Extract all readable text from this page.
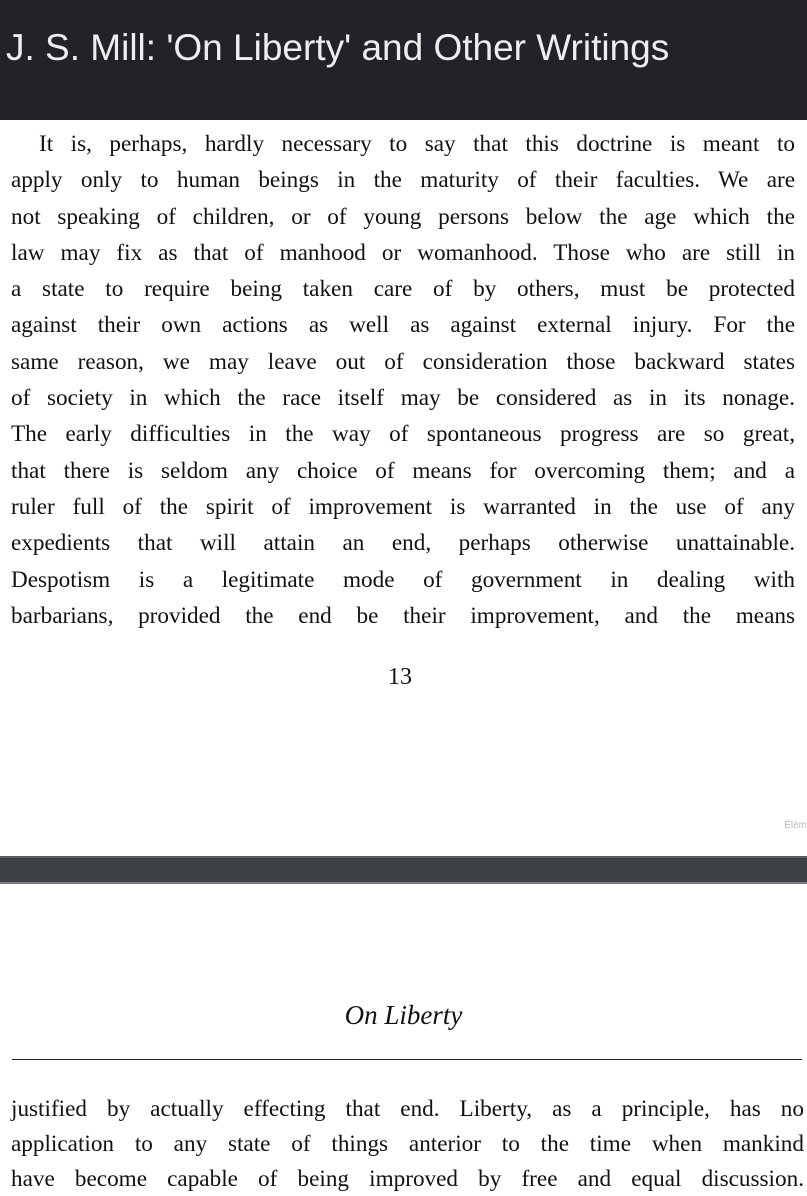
J. S. Mill: 'On Liberty' and Other Writings
It is, perhaps, hardly necessary to say that this doctrine is meant to
apply only to human beings in the maturity of their faculties. We are
not speaking of children, or of young persons below the age which the
law may fix as that of manhood or womanhood. Those who are still in
a state to require being taken care of by others, must be protected
against their own actions as well as against external injury. For the
same reason, we may leave out of consideration those backward states
of society in which the race itself may be considered as in its nonage.
The early difficulties in the way of spontaneous progress are so great,
that there is seldom any choice of means for overcoming them; and a
ruler full of the spirit of improvement is warranted in the use of any
expedients that will attain an end, perhaps otherwise unattainable.
Despotism is a legitimate mode of government in dealing with
barbarians, provided the end be their improvement, and the means
13
Élém
On Liberty
justified by actually effecting that end. Liberty, as a principle, has no
application to any state of things anterior to the time when mankind
have become capable of being improved by free and equal discussion.
